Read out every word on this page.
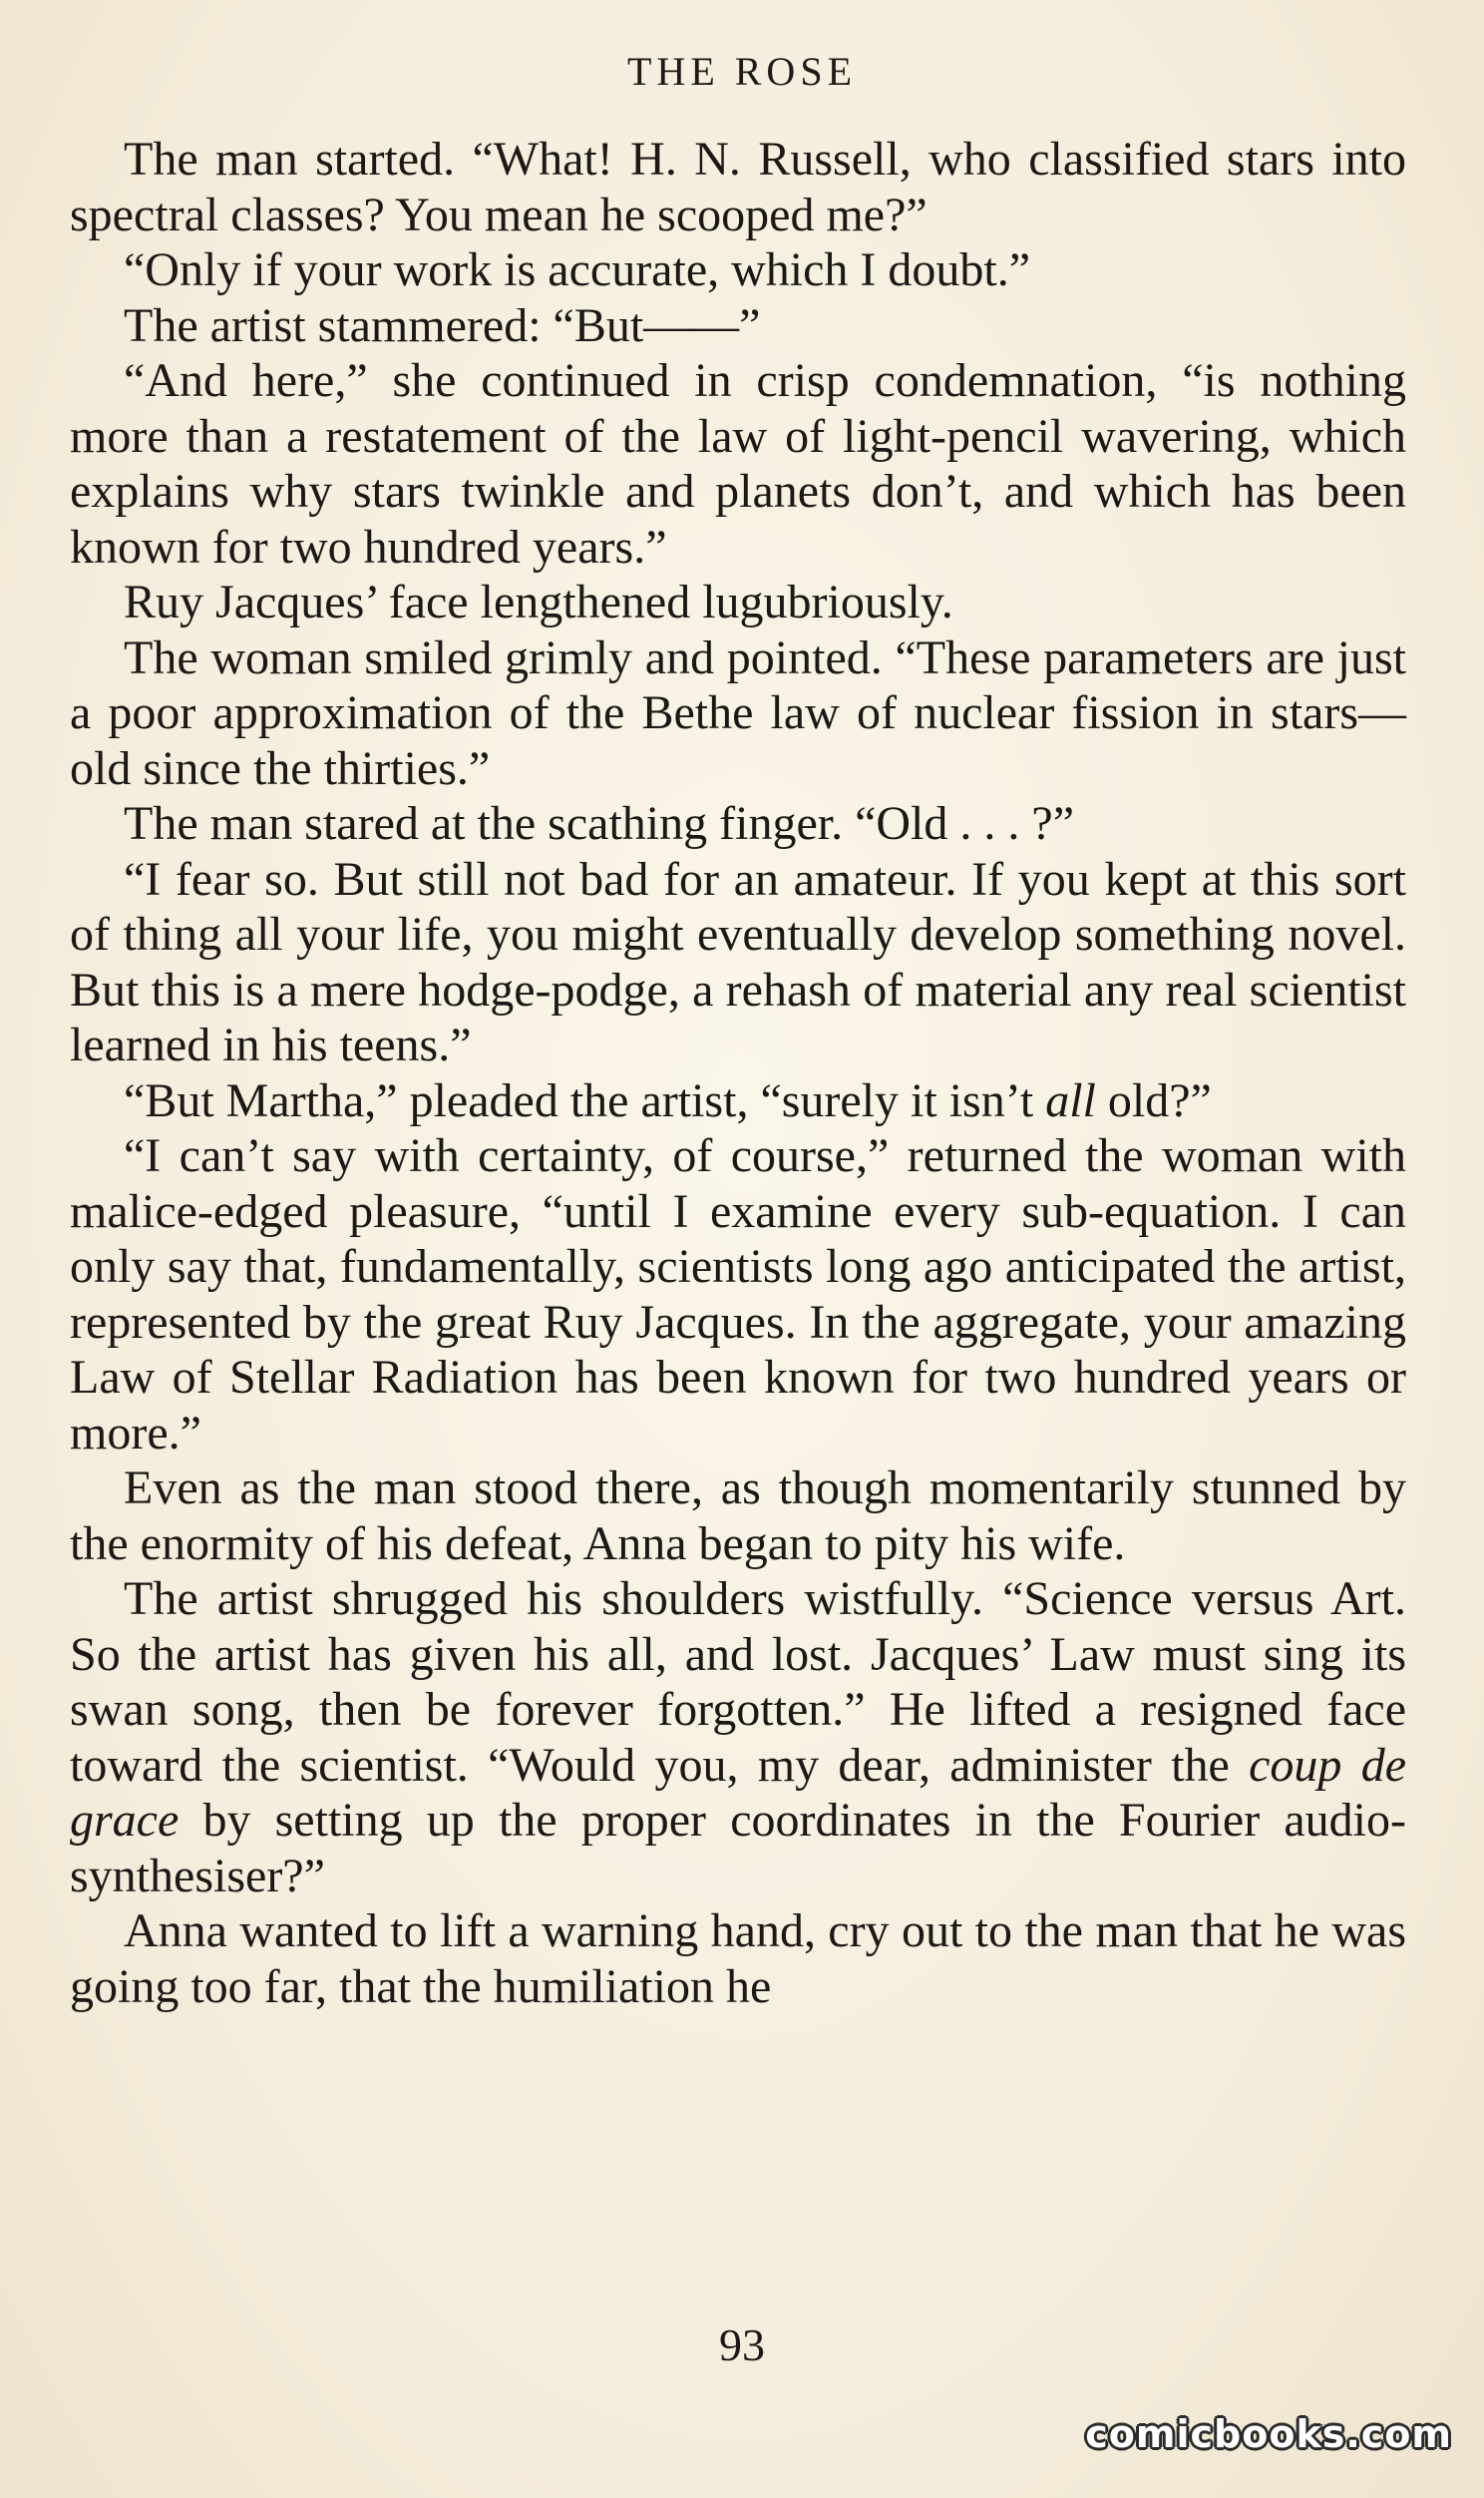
THE ROSE

The man started. “What! H. N. Russell, who classified stars into spectral classes? You mean he scooped me?”

“Only if your work is accurate, which I doubt.”

The artist stammered: “But——”

“And here,” she continued in crisp condemnation, “is nothing more than a restatement of the law of light-pencil wavering, which explains why stars twinkle and planets don’t, and which has been known for two hundred years.”

Ruy Jacques’ face lengthened lugubriously.

The woman smiled grimly and pointed. “These parameters are just a poor approximation of the Bethe law of nuclear fission in stars—old since the thirties.”

The man stared at the scathing finger. “Old . . . ?”

“I fear so. But still not bad for an amateur. If you kept at this sort of thing all your life, you might eventually develop something novel. But this is a mere hodge-podge, a rehash of material any real scientist learned in his teens.”

“But Martha,” pleaded the artist, “surely it isn’t all old?”

“I can’t say with certainty, of course,” returned the woman with malice-edged pleasure, “until I examine every sub-equation. I can only say that, fundamentally, scientists long ago anticipated the artist, represented by the great Ruy Jacques. In the aggregate, your amazing Law of Stellar Radiation has been known for two hundred years or more.”

Even as the man stood there, as though momentarily stunned by the enormity of his defeat, Anna began to pity his wife.

The artist shrugged his shoulders wistfully. “Science versus Art. So the artist has given his all, and lost. Jacques’ Law must sing its swan song, then be forever forgotten.” He lifted a resigned face toward the scientist. “Would you, my dear, administer the coup de grace by setting up the proper coordinates in the Fourier audio-synthesiser?”

Anna wanted to lift a warning hand, cry out to the man that he was going too far, that the humiliation he

93
comicbooks.com
